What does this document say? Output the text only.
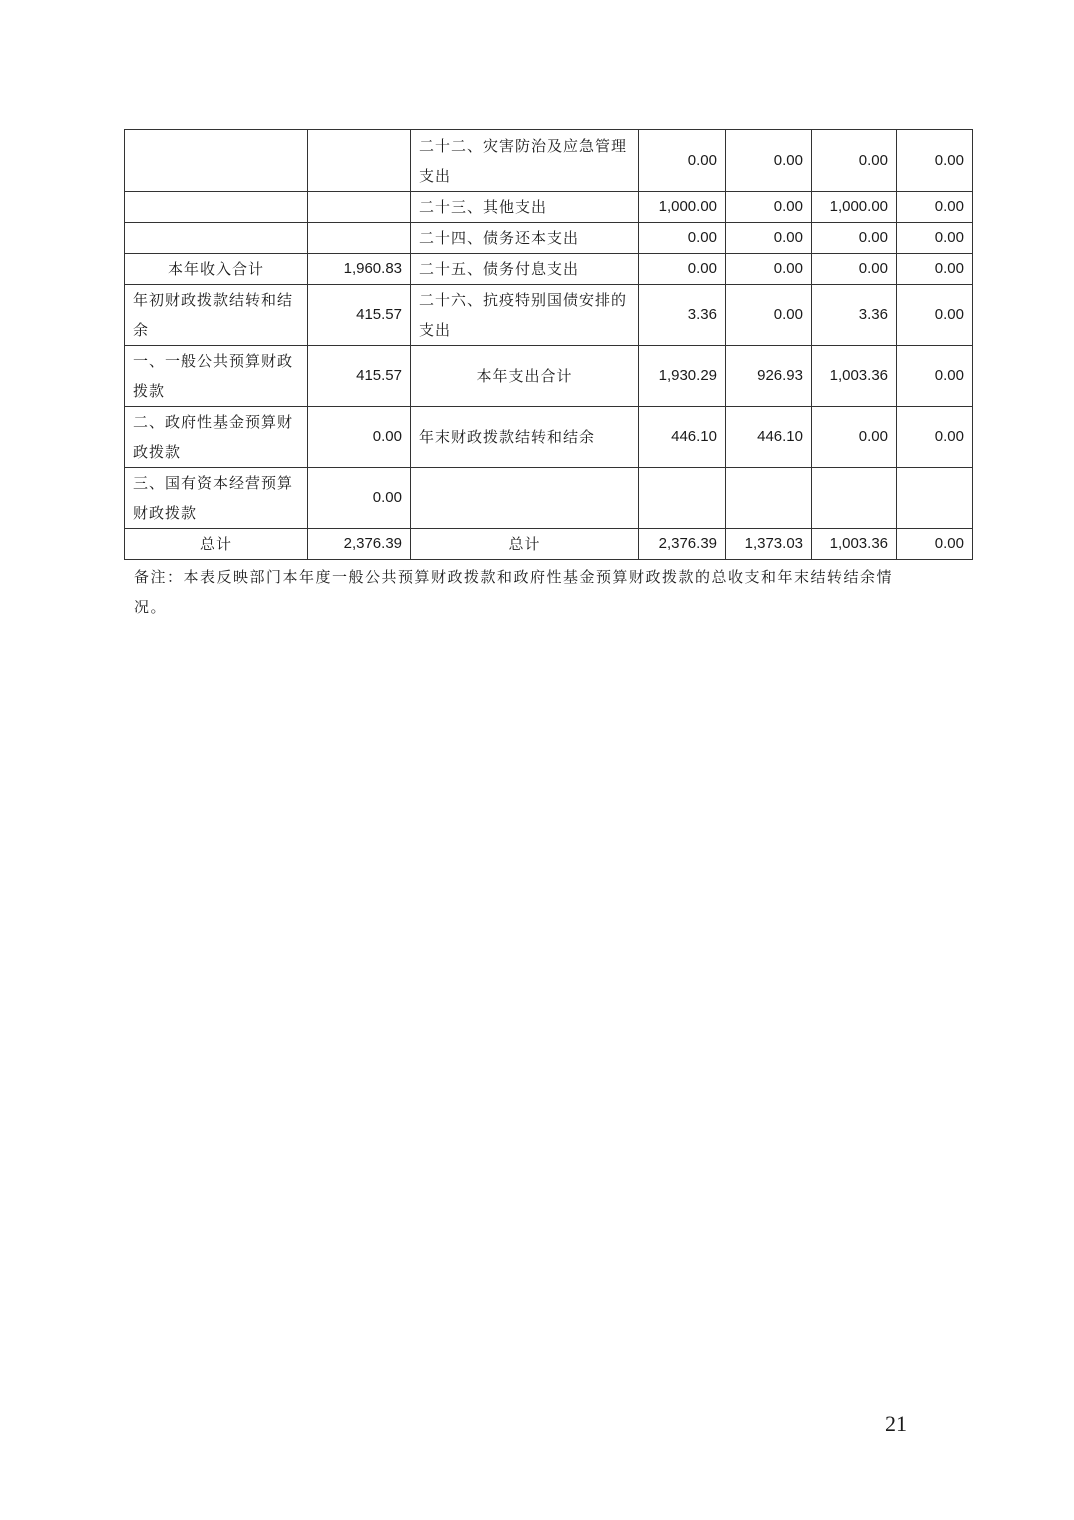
		二十二、灾害防治及应急管理支出	0.00	0.00	0.00	0.00
		二十三、其他支出	1,000.00	0.00	1,000.00	0.00
		二十四、债务还本支出	0.00	0.00	0.00	0.00
本年收入合计	1,960.83	二十五、债务付息支出	0.00	0.00	0.00	0.00
年初财政拨款结转和结余	415.57	二十六、抗疫特别国债安排的支出	3.36	0.00	3.36	0.00
一、一般公共预算财政拨款	415.57	本年支出合计	1,930.29	926.93	1,003.36	0.00
二、政府性基金预算财政拨款	0.00	年末财政拨款结转和结余	446.10	446.10	0.00	0.00
三、国有资本经营预算财政拨款	0.00					
总计	2,376.39	总计	2,376.39	1,373.03	1,003.36	0.00

备注：本表反映部门本年度一般公共预算财政拨款和政府性基金预算财政拨款的总收支和年末结转结余情况。

21
